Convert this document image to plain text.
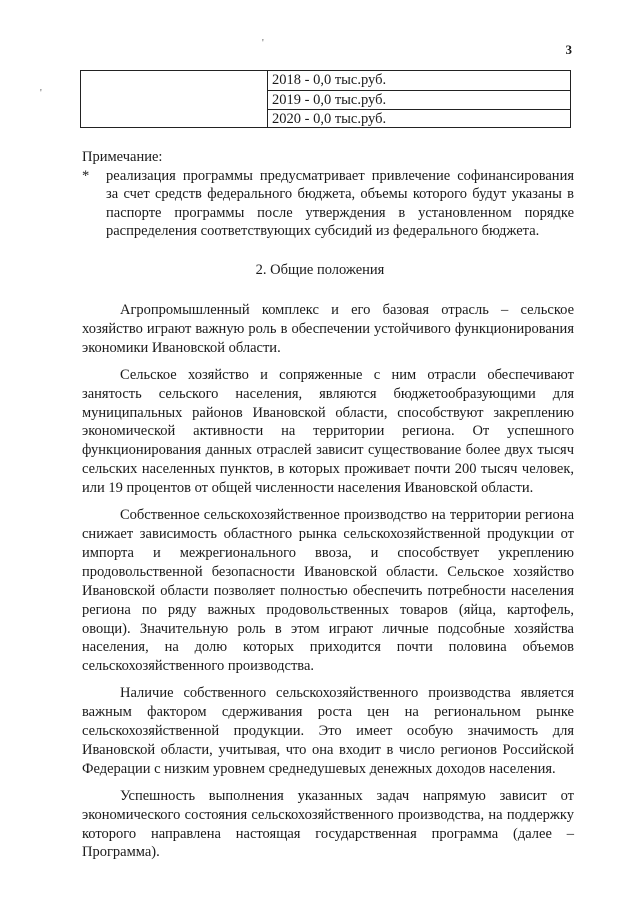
3
2018 - 0,0 тыс.руб.
2019 - 0,0 тыс.руб.
2020 - 0,0 тыс.руб.
Примечание:
* реализация программы предусматривает привлечение софинансирования за счет средств федерального бюджета, объемы которого будут указаны в паспорте программы после утверждения в установленном порядке распределения соответствующих субсидий из федерального бюджета.
2. Общие положения

Агропромышленный комплекс и его базовая отрасль – сельское хозяйство играют важную роль в обеспечении устойчивого функционирования экономики Ивановской области.

Сельское хозяйство и сопряженные с ним отрасли обеспечивают занятость сельского населения, являются бюджетообразующими для муниципальных районов Ивановской области, способствуют закреплению экономической активности на территории региона. От успешного функционирования данных отраслей зависит существование более двух тысяч сельских населенных пунктов, в которых проживает почти 200 тысяч человек, или 19 процентов от общей численности населения Ивановской области.

Собственное сельскохозяйственное производство на территории региона снижает зависимость областного рынка сельскохозяйственной продукции от импорта и межрегионального ввоза, и способствует укреплению продовольственной безопасности Ивановской области. Сельское хозяйство Ивановской области позволяет полностью обеспечить потребности населения региона по ряду важных продовольственных товаров (яйца, картофель, овощи). Значительную роль в этом играют личные подсобные хозяйства населения, на долю которых приходится почти половина объемов сельскохозяйственного производства.

Наличие собственного сельскохозяйственного производства является важным фактором сдерживания роста цен на региональном рынке сельскохозяйственной продукции. Это имеет особую значимость для Ивановской области, учитывая, что она входит в число регионов Российской Федерации с низким уровнем среднедушевых денежных доходов населения.

Успешность выполнения указанных задач напрямую зависит от экономического состояния сельскохозяйственного производства, на поддержку которого направлена настоящая государственная программа (далее – Программа).

'
'
